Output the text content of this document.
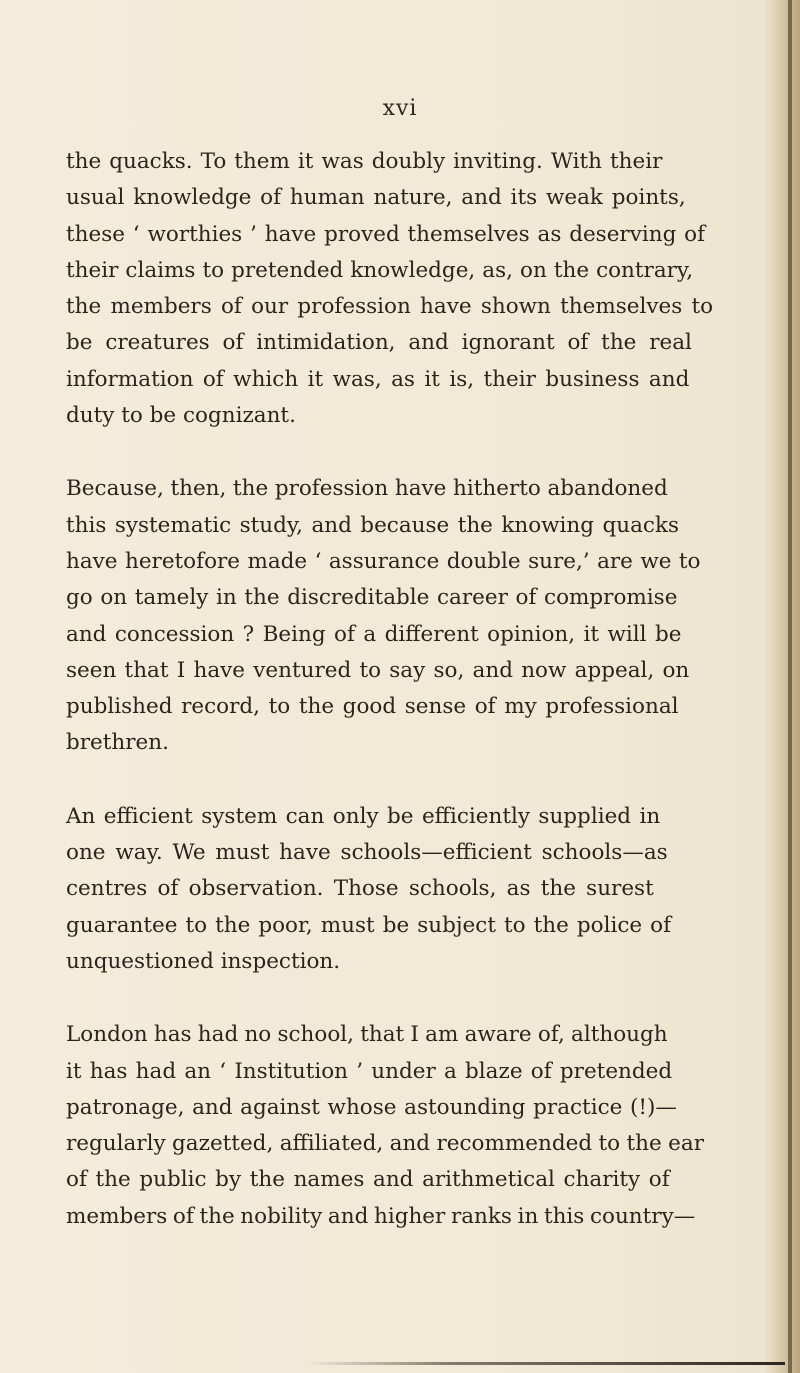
xvi

the quacks. To them it was doubly inviting. With their
usual knowledge of human nature, and its weak points,
these ‘ worthies ’ have proved themselves as deserving of
their claims to pretended knowledge, as, on the contrary,
the members of our profession have shown themselves to
be creatures of intimidation, and ignorant of the real
information of which it was, as it is, their business and
duty to be cognizant.

Because, then, the profession have hitherto abandoned
this systematic study, and because the knowing quacks
have heretofore made ‘ assurance double sure,’ are we to
go on tamely in the discreditable career of compromise
and concession ? Being of a different opinion, it will be
seen that I have ventured to say so, and now appeal, on
published record, to the good sense of my professional
brethren.

An efficient system can only be efficiently supplied in
one way. We must have schools—efficient schools—as
centres of observation. Those schools, as the surest
guarantee to the poor, must be subject to the police of
unquestioned inspection.

London has had no school, that I am aware of, although
it has had an ‘ Institution ’ under a blaze of pretended
patronage, and against whose astounding practice (!)—
regularly gazetted, affiliated, and recommended to the ear
of the public by the names and arithmetical charity of
members of the nobility and higher ranks in this country—
